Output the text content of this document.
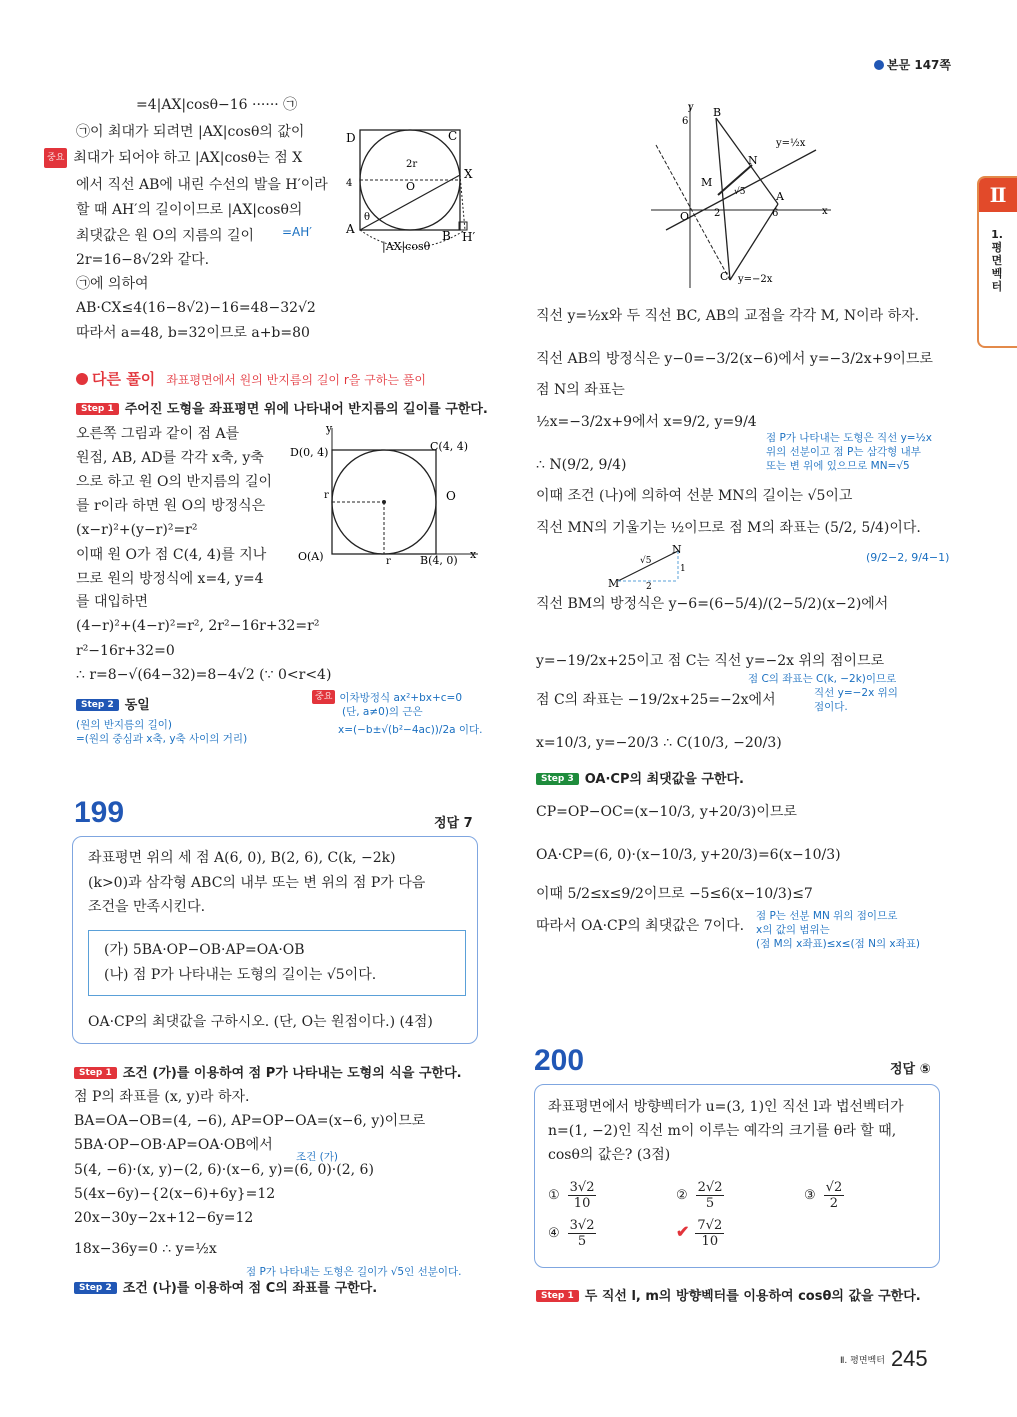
본문 147쪽
Ⅱ
1. 평면벡터
=4|AX|cosθ−16 ······ ㉠
㉠이 최대가 되려면 |AX|cosθ의 값이
중요 최대가 되어야 하고 |AX|cosθ는 점 X
에서 직선 AB에 내린 수선의 발을 H′이라
할 때 AH′의 길이이므로 |AX|cosθ의
최댓값은 원 O의 지름의 길이 =AH′
2r=16−8√2와 같다.
㉠에 의하여
AB·CX≤4(16−8√2)−16=48−32√2
따라서 a=48, b=32이므로 a+b=80
D	C
A	B H′
X
O
2r
4
θ
|AX|cosθ
다른 풀이 좌표평면에서 원의 반지름의 길이 r을 구하는 풀이
Step 1 주어진 도형을 좌표평면 위에 나타내어 반지름의 길이를 구한다.
오른쪽 그림과 같이 점 A를
원점, AB, AD를 각각 x축, y축
으로 하고 원 O의 반지름의 길이
를 r이라 하면 원 O의 방정식은
(x−r)²+(y−r)²=r²
이때 원 O가 점 C(4, 4)를 지나
므로 원의 방정식에 x=4, y=4
를 대입하면
(4−r)²+(4−r)²=r², 2r²−16r+32=r²
r²−16r+32=0
∴ r=8−√(64−32)=8−4√2 (∵ 0<r<4)
y
x
D(0, 4)	C(4, 4)
O
O(A)	B(4, 0)
r
r
Step 2 동일
(원의 반지름의 길이)
=(원의 중심과 x축, y축 사이의 거리)
중요 이차방정식 ax²+bx+c=0
(단, a≠0)의 근은
x=(−b±√(b²−4ac))/2a 이다.
199	정답 7
좌표평면 위의 세 점 A(6, 0), B(2, 6), C(k, −2k)
(k>0)과 삼각형 ABC의 내부 또는 변 위의 점 P가 다음
조건을 만족시킨다.
(가) 5BA·OP−OB·AP=OA·OB
(나) 점 P가 나타내는 도형의 길이는 √5이다.
OA·CP의 최댓값을 구하시오. (단, O는 원점이다.) (4점)
Step 1 조건 (가)를 이용하여 점 P가 나타내는 도형의 식을 구한다.
점 P의 좌표를 (x, y)라 하자.
BA=OA−OB=(4, −6), AP=OP−OA=(x−6, y)이므로
5BA·OP−OB·AP=OA·OB에서
조건 (가)
5(4, −6)·(x, y)−(2, 6)·(x−6, y)=(6, 0)·(2, 6)
5(4x−6y)−{2(x−6)+6y}=12
20x−30y−2x+12−6y=12
18x−36y=0 ∴ y=½x
점 P가 나타내는 도형은 길이가 √5인 선분이다.
Step 2 조건 (나)를 이용하여 점 C의 좌표를 구한다.
y
x
6
2	6
B
N
M
A
O
C
√5
y=½x
y=−2x
직선 y=½x와 두 직선 BC, AB의 교점을 각각 M, N이라 하자.
직선 AB의 방정식은 y−0=−3/2(x−6)에서 y=−3/2x+9이므로
점 N의 좌표는
½x=−3/2x+9에서 x=9/2, y=9/4
∴ N(9/2, 9/4)
점 P가 나타내는 도형은 직선 y=½x
위의 선분이고 점 P는 삼각형 내부
또는 변 위에 있으므로 MN=√5
이때 조건 (나)에 의하여 선분 MN의 길이는 √5이고
직선 MN의 기울기는 ½이므로 점 M의 좌표는 (5/2, 5/4)이다.
(9/2−2, 9/4−1)
M
N
√5
1
2
직선 BM의 방정식은 y−6=(6−5/4)/(2−5/2)(x−2)에서
y=−19/2x+25이고 점 C는 직선 y=−2x 위의 점이므로
점 C의 좌표는 C(k, −2k)이므로
직선 y=−2x 위의
점이다.
점 C의 좌표는 −19/2x+25=−2x에서
x=10/3, y=−20/3 ∴ C(10/3, −20/3)
Step 3 OA·CP의 최댓값을 구한다.
CP=OP−OC=(x−10/3, y+20/3)이므로
OA·CP=(6, 0)·(x−10/3, y+20/3)=6(x−10/3)
이때 5/2≤x≤9/2이므로 −5≤6(x−10/3)≤7
따라서 OA·CP의 최댓값은 7이다.
점 P는 선분 MN 위의 점이므로
x의 값의 범위는
(점 M의 x좌표)≤x≤(점 N의 x좌표)
200	정답 ⑤
좌표평면에서 방향벡터가 u=(3, 1)인 직선 l과 법선벡터가
n=(1, −2)인 직선 m이 이루는 예각의 크기를 θ라 할 때,
cosθ의 값은? (3점)
① $\frac{3√2}{10}$	② $\frac{2√2}{5}$	③ $\frac{√2}{2}$
④ $\frac{3√2}{5}$	✔ $\frac{7√2}{10}$
Step 1 두 직선 l, m의 방향벡터를 이용하여 cosθ의 값을 구한다.
Ⅱ. 평면벡터 245
